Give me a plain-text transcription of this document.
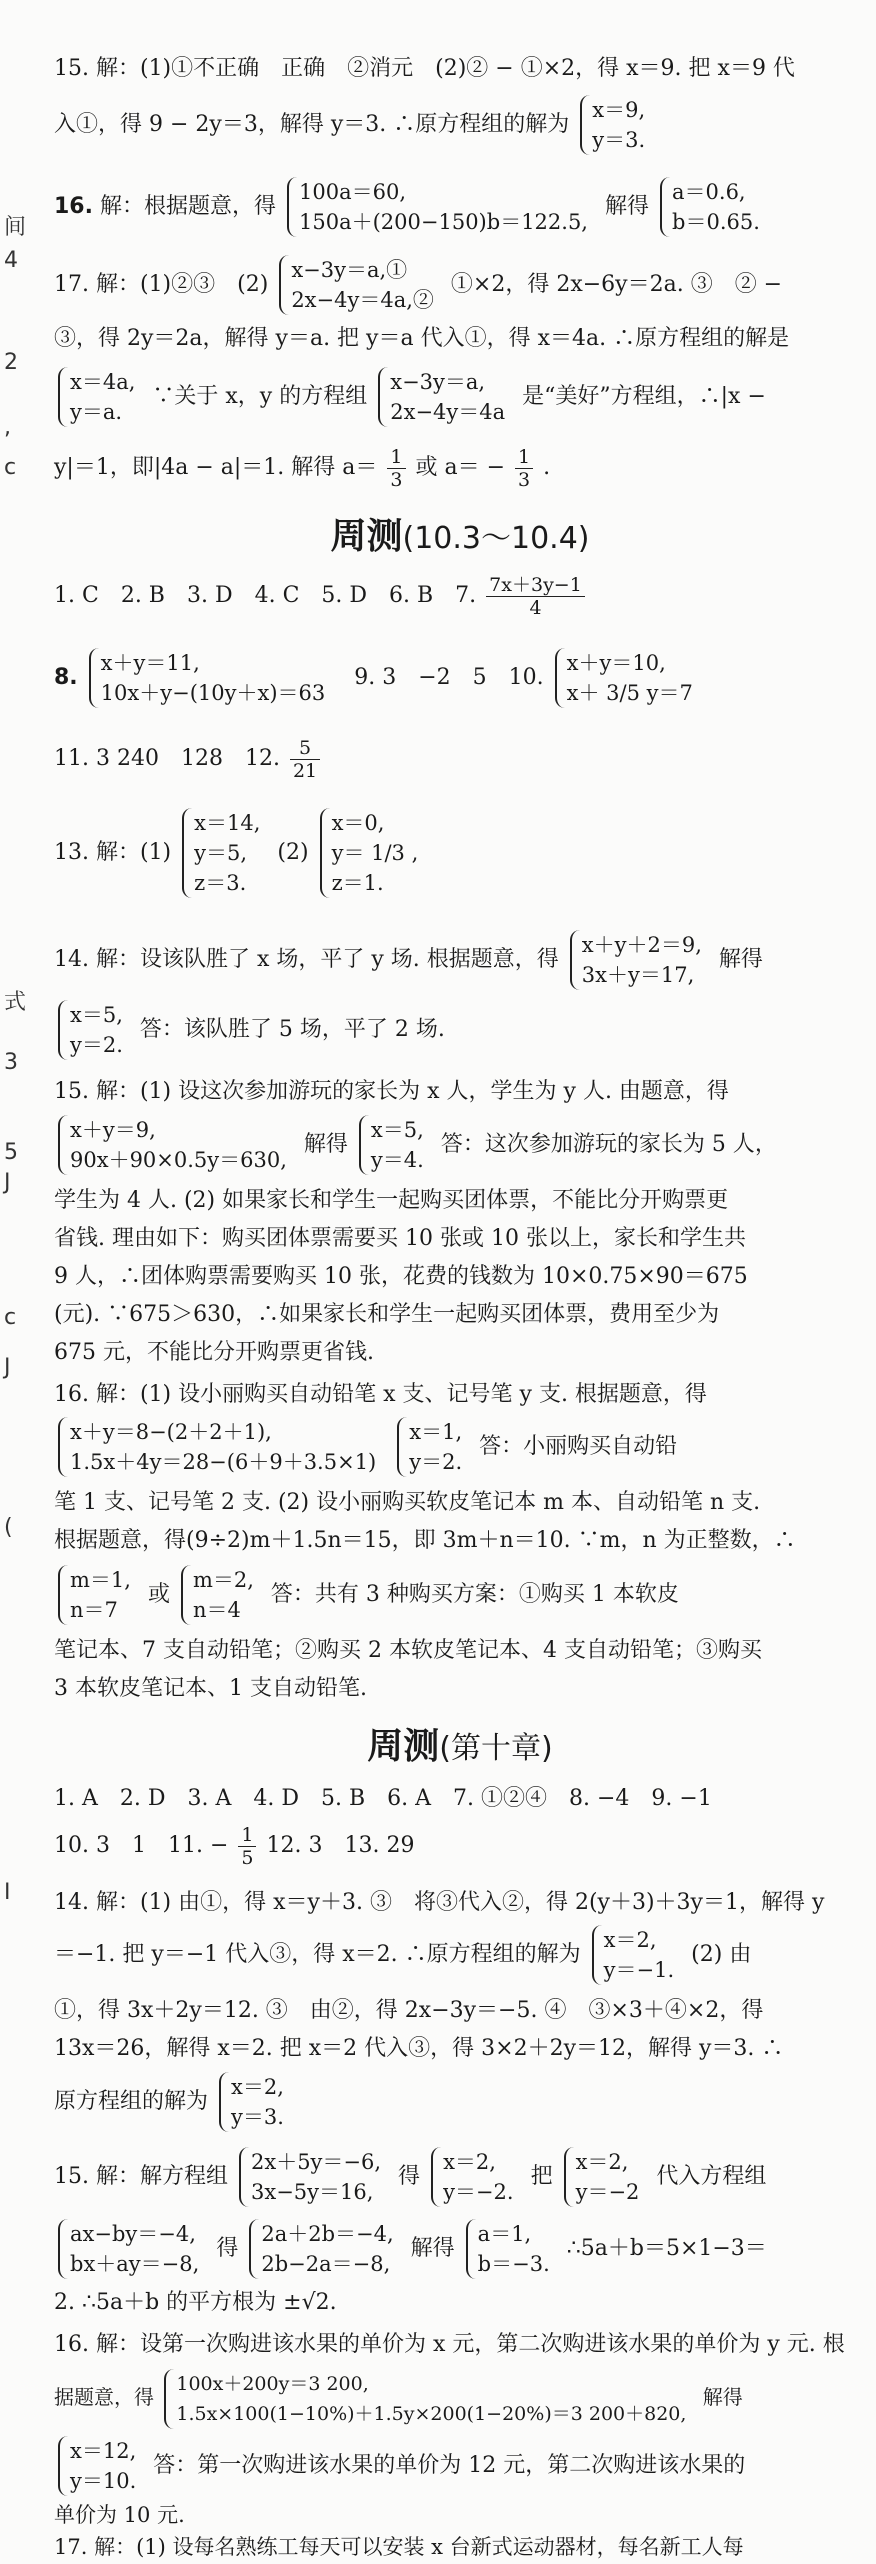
间
4
2
,
c
式
3
5
J
c
J
(
I
15. 解：(1)①不正确　正确　②消元　(2)② − ①×2，得 x＝9. 把 x＝9 代
入①，得 9 − 2y＝3，解得 y＝3. ∴原方程组的解为
x＝9,
y＝3.
16. 解：根据题意，得
100a＝60,
150a＋(200−150)b＝122.5,
解得
a＝0.6,
b＝0.65.
17. 解：(1)②③　(2)
x−3y＝a,①
2x−4y＝4a,②
①×2，得 2x−6y＝2a. ③　② −
③，得 2y＝2a，解得 y＝a. 把 y＝a 代入①，得 x＝4a. ∴原方程组的解是
x＝4a,
y＝a.
∵关于 x，y 的方程组
x−3y＝a,
2x−4y＝4a
是“美好”方程组，∴|x −
y|＝1，即|4a − a|＝1. 解得 $a= \frac{1}{3}$ 或 $a= - \frac{1}{3}$ .
周测(10.3～10.4)
1. C　2. B　3. D　4. C　5. D　6. B　7. $\frac{7x+3y-1}{4}$
8.
x＋y＝11,
10x＋y−(10y＋x)＝63
9. 3　−2　5　10.
x＋y＝10,
x＋ 3/5 y＝7
11. 3 240　128　12. $\frac{5}{21}$
13. 解：(1)
x＝14,
y＝5,
z＝3.
(2)
x＝0,
y＝ 1/3 ,
z＝1.
14. 解：设该队胜了 x 场，平了 y 场. 根据题意，得
x＋y＋2＝9,
3x＋y＝17,
解得
x＝5,
y＝2.
答：该队胜了 5 场，平了 2 场.
15. 解：(1) 设这次参加游玩的家长为 x 人，学生为 y 人. 由题意，得
x＋y＝9,
90x＋90×0.5y＝630,
解得
x＝5,
y＝4.
答：这次参加游玩的家长为 5 人，
学生为 4 人. (2) 如果家长和学生一起购买团体票，不能比分开购票更
省钱. 理由如下：购买团体票需要买 10 张或 10 张以上，家长和学生共
9 人，∴团体购票需要购买 10 张，花费的钱数为 10×0.75×90＝675
(元). ∵675＞630，∴如果家长和学生一起购买团体票，费用至少为
675 元，不能比分开购票更省钱.
16. 解：(1) 设小丽购买自动铅笔 x 支、记号笔 y 支. 根据题意，得
x＋y＝8−(2＋2＋1),
1.5x＋4y＝28−(6＋9＋3.5×1)

x＝1,
y＝2.
答：小丽购买自动铅
笔 1 支、记号笔 2 支. (2) 设小丽购买软皮笔记本 m 本、自动铅笔 n 支.
根据题意，得(9÷2)m＋1.5n＝15，即 3m＋n＝10. ∵m，n 为正整数，∴
m＝1,
n＝7
或
m＝2,
n＝4
答：共有 3 种购买方案：①购买 1 本软皮
笔记本、7 支自动铅笔；②购买 2 本软皮笔记本、4 支自动铅笔；③购买
3 本软皮笔记本、1 支自动铅笔.
周测(第十章)
1. A　2. D　3. A　4. D　5. B　6. A　7. ①②④　8. −4　9. −1
10. 3　1　11. − $\frac{1}{5} 12$. 3　13. 29
14. 解：(1) 由①，得 x＝y＋3. ③　将③代入②，得 2(y＋3)＋3y＝1，解得 y
＝−1. 把 y＝−1 代入③，得 x＝2. ∴原方程组的解为
x＝2,
y＝−1.
(2) 由
①，得 3x＋2y＝12. ③　由②，得 2x−3y＝−5. ④　③×3＋④×2，得
13x＝26，解得 x＝2. 把 x＝2 代入③，得 3×2＋2y＝12，解得 y＝3. ∴
原方程组的解为
x＝2,
y＝3.
15. 解：解方程组
2x＋5y＝−6,
3x−5y＝16,
得
x＝2,
y＝−2.
把
x＝2,
y＝−2
代入方程组
ax−by＝−4,
bx＋ay＝−8,
得
2a＋2b＝−4,
2b−2a＝−8,
解得
a＝1,
b＝−3.
∴5a＋b＝5×1−3＝
2. ∴5a＋b 的平方根为 ±√2.
16. 解：设第一次购进该水果的单价为 x 元，第二次购进该水果的单价为 y 元. 根
据题意，得
100x＋200y＝3 200,
1.5x×100(1−10%)＋1.5y×200(1−20%)＝3 200＋820,
解得
x＝12,
y＝10.
答：第一次购进该水果的单价为 12 元，第二次购进该水果的
单价为 10 元.
17. 解：(1) 设每名熟练工每天可以安装 x 台新式运动器材，每名新工人每
